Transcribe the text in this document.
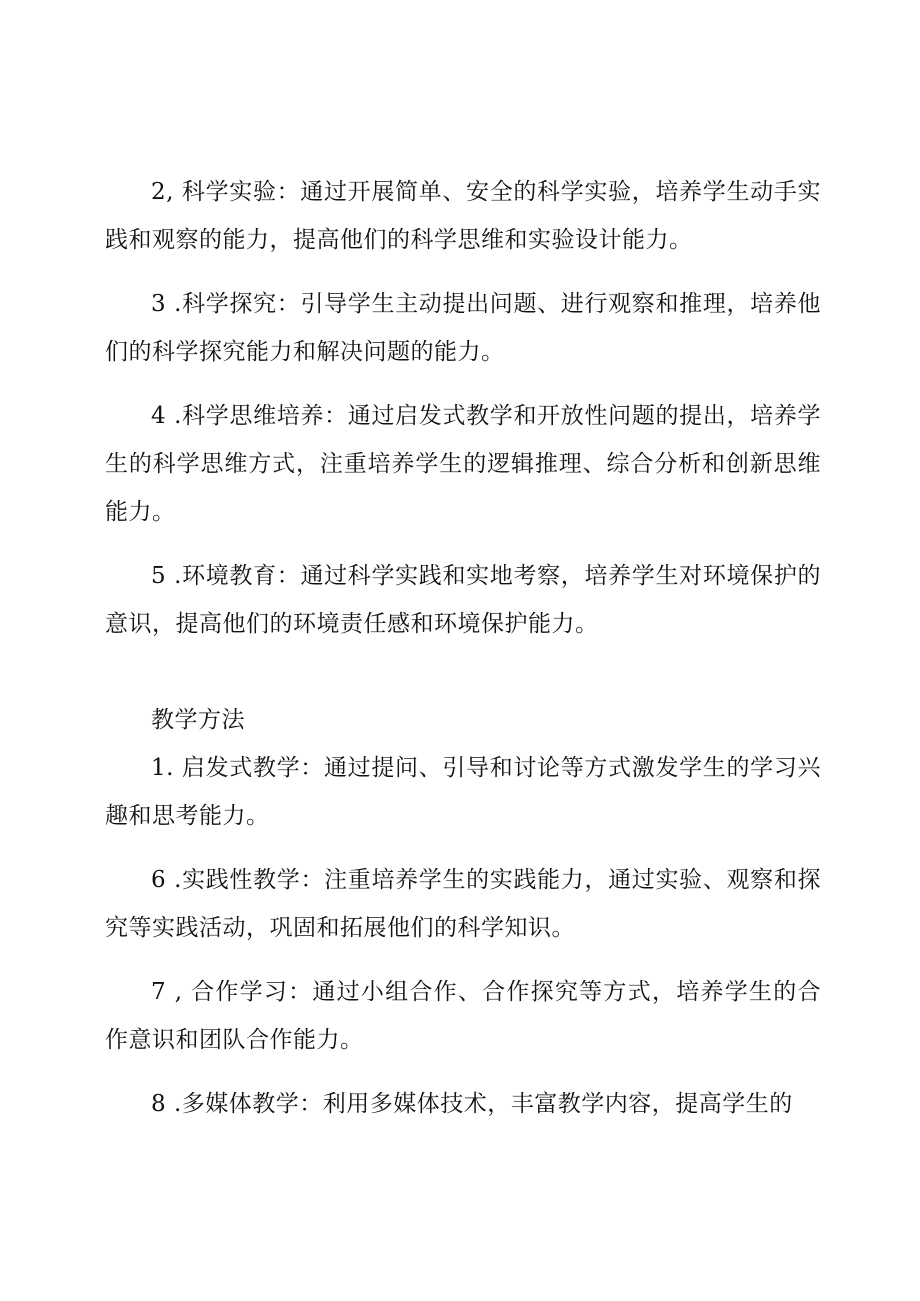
2, 科学实验：通过开展简单、安全的科学实验，培养学生动手实践和观察的能力，提高他们的科学思维和实验设计能力。

3 .科学探究：引导学生主动提出问题、进行观察和推理，培养他们的科学探究能力和解决问题的能力。

4 .科学思维培养：通过启发式教学和开放性问题的提出，培养学生的科学思维方式，注重培养学生的逻辑推理、综合分析和创新思维能力。

5 .环境教育：通过科学实践和实地考察，培养学生对环境保护的意识，提高他们的环境责任感和环境保护能力。

教学方法

1. 启发式教学：通过提问、引导和讨论等方式激发学生的学习兴趣和思考能力。

6 .实践性教学：注重培养学生的实践能力，通过实验、观察和探究等实践活动，巩固和拓展他们的科学知识。

7 , 合作学习：通过小组合作、合作探究等方式，培养学生的合作意识和团队合作能力。

8 .多媒体教学：利用多媒体技术，丰富教学内容，提高学生的
